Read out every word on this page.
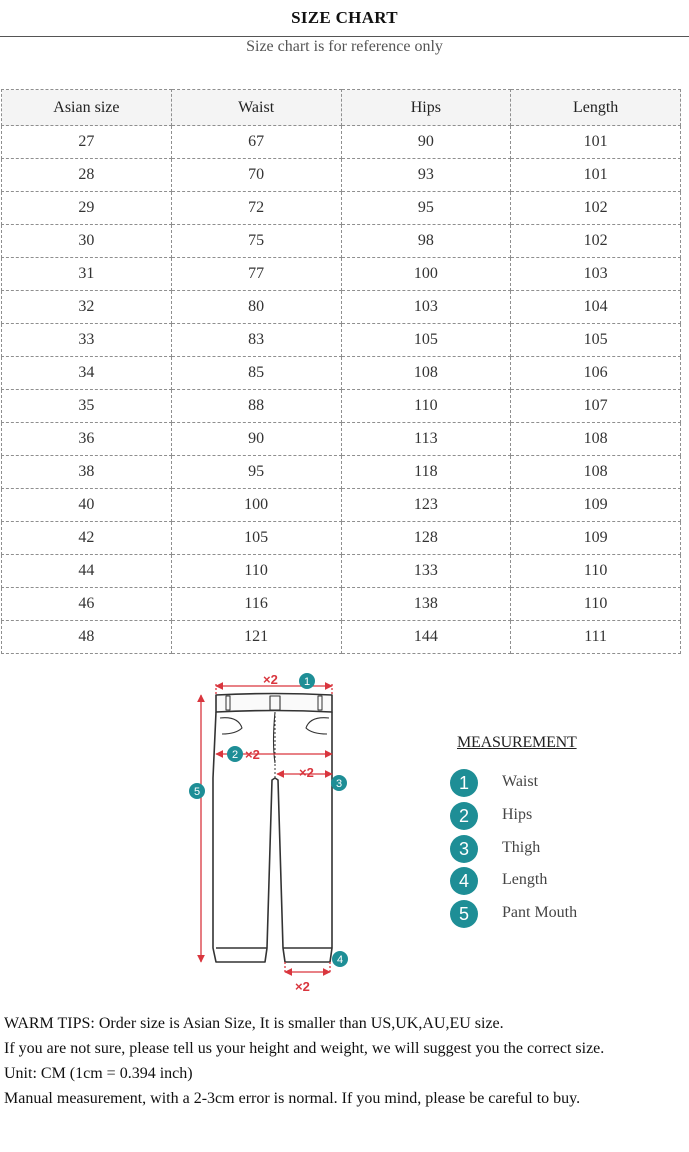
SIZE CHART
Size chart is for reference only
Asian size	Waist	Hips	Length
27	67	90	101
28	70	93	101
29	72	95	102
30	75	98	102
31	77	100	103
32	80	103	104
33	83	105	105
34	85	108	106
35	88	110	107
36	90	113	108
38	95	118	108
40	100	123	109
42	105	128	109
44	110	133	110
46	116	138	110
48	121	144	111
×2
×2
×2
×2
1
2
3
4
5
MEASUREMENT
1	Waist
2	Hips
3	Thigh
4	Length
5	Pant Mouth

WARM TIPS: Order size is Asian Size, It is smaller than US,UK,AU,EU size.

If you are not sure, please tell us your height and weight, we will suggest you the correct size.

Unit: CM (1cm = 0.394 inch)

Manual measurement, with a 2-3cm error is normal. If you mind, please be careful to buy.
